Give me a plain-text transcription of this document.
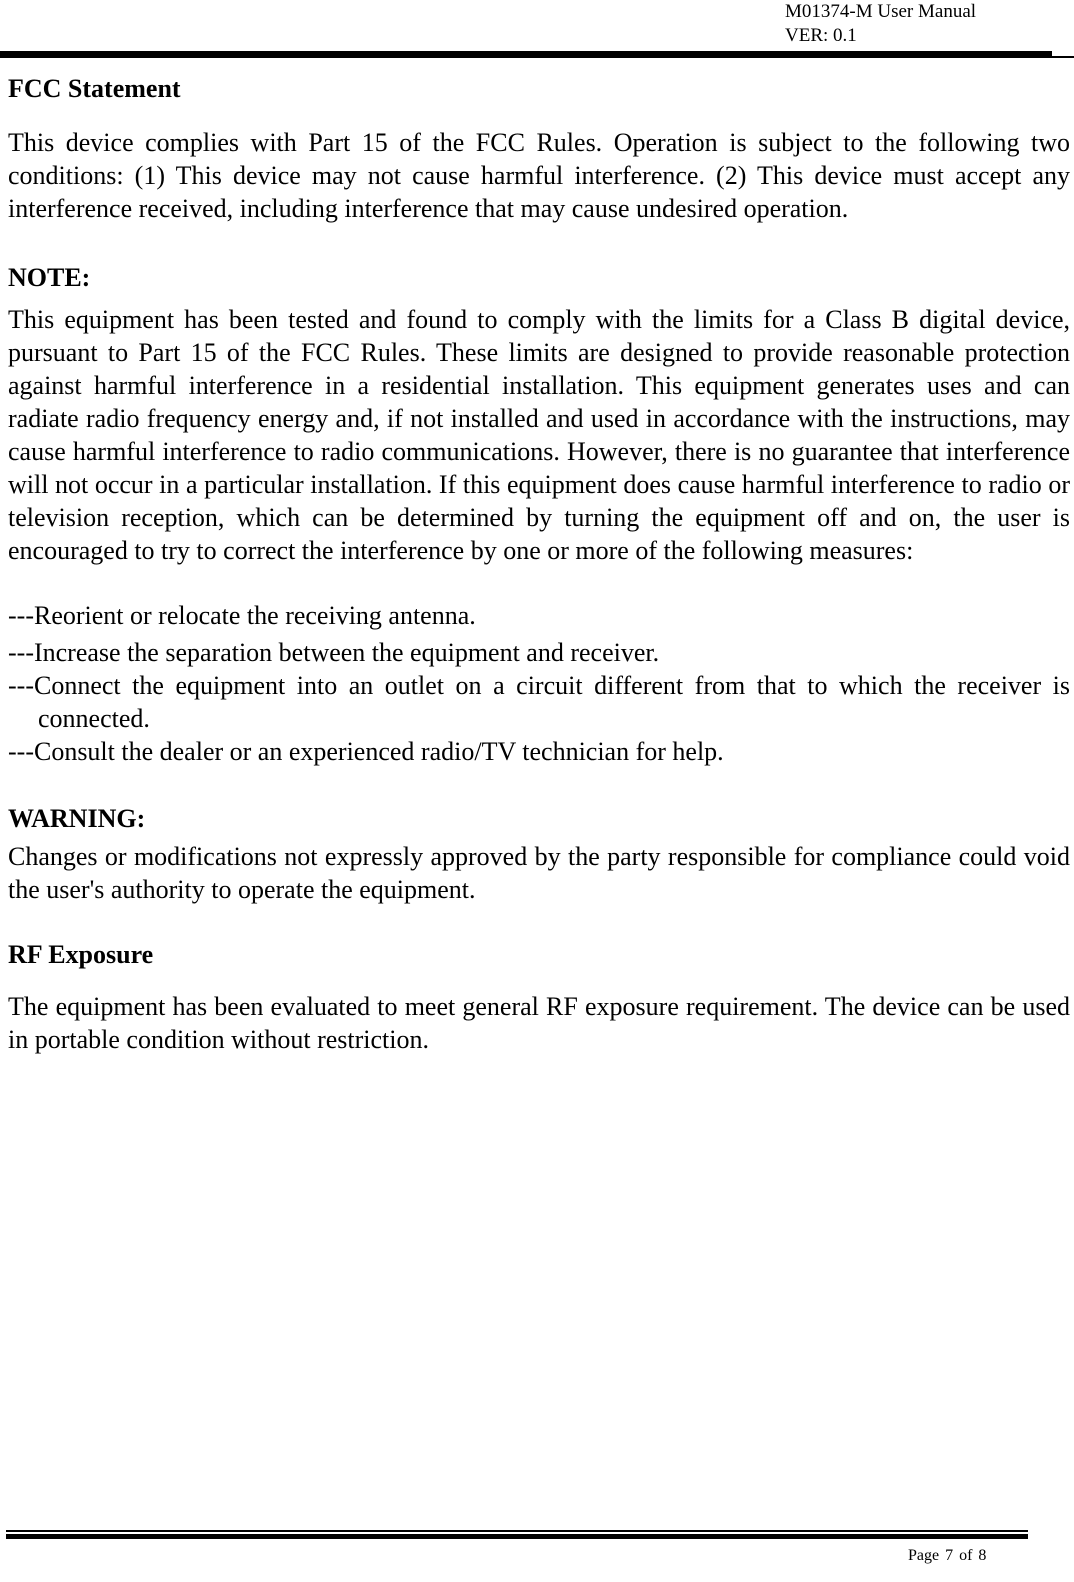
M01374-M User Manual
VER: 0.1
FCC Statement

This device complies with Part 15 of the FCC Rules. Operation is subject to the following two conditions: (1) This device may not cause harmful interference. (2) This device must accept any interference received, including interference that may cause undesired operation.

NOTE:

This equipment has been tested and found to comply with the limits for a Class B digital device, pursuant to Part 15 of the FCC Rules. These limits are designed to provide reasonable protection against harmful interference in a residential installation. This equipment generates uses and can radiate radio frequency energy and, if not installed and used in accordance with the instructions, may cause harmful interference to radio communications. However, there is no guarantee that interference will not occur in a particular installation. If this equipment does cause harmful interference to radio or television reception, which can be determined by turning the equipment off and on, the user is encouraged to try to correct the interference by one or more of the following measures:

---Reorient or relocate the receiving antenna.

---Increase the separation between the equipment and receiver.

---Connect the equipment into an outlet on a circuit different from that to which the receiver is connected.

---Consult the dealer or an experienced radio/TV technician for help.

WARNING:

Changes or modifications not expressly approved by the party responsible for compliance could void the user's authority to operate the equipment.

RF Exposure

The equipment has been evaluated to meet general RF exposure requirement. The device can be used in portable condition without restriction.

Page 7 of 8
